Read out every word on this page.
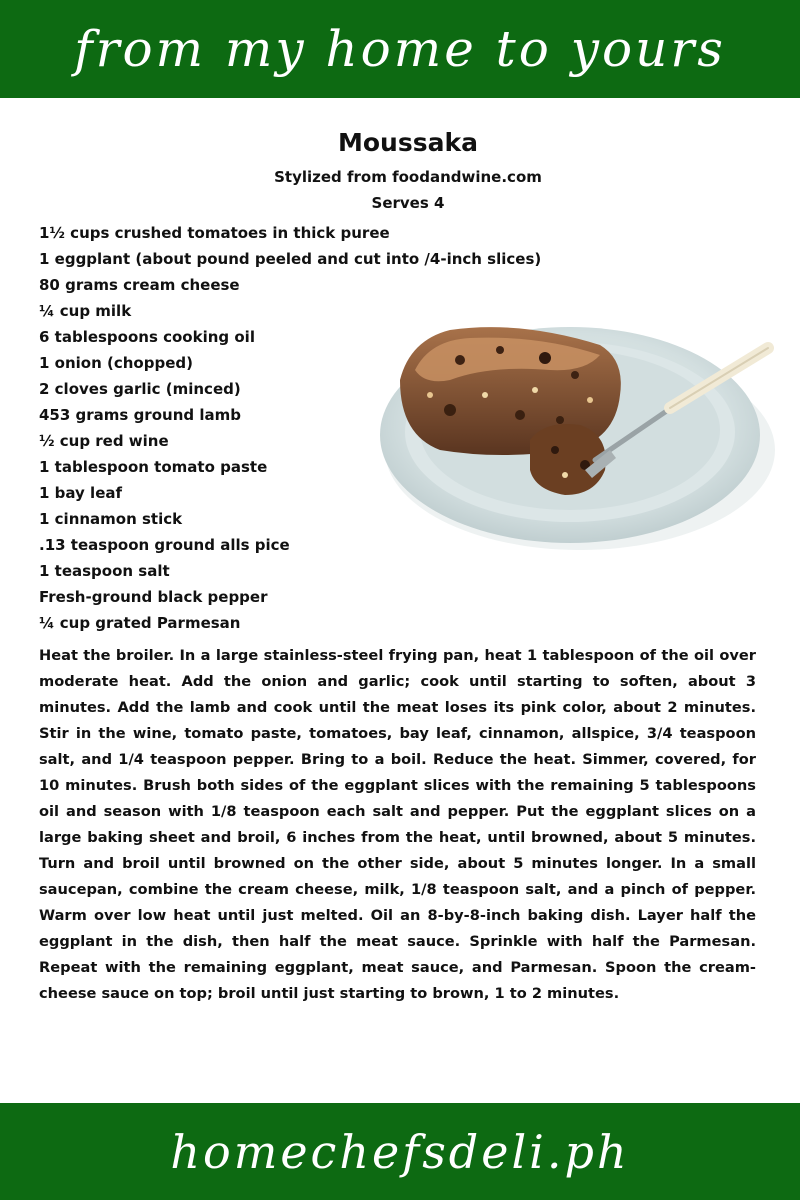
from my home to yours
Moussaka
Stylized from foodandwine.com
Serves 4
1½ cups crushed tomatoes in thick puree
1 eggplant (about pound peeled and cut into /4-inch slices)
80 grams cream cheese
¼ cup milk
6 tablespoons cooking oil
1 onion (chopped)
2 cloves garlic (minced)
453 grams ground lamb
½ cup red wine
1 tablespoon tomato paste
1 bay leaf
1 cinnamon stick
.13 teaspoon ground alls pice
1 teaspoon salt
Fresh-ground black pepper
¼ cup grated Parmesan

Heat the broiler. In a large stainless-steel frying pan, heat 1 tablespoon of the oil over moderate heat. Add the onion and garlic; cook until starting to soften, about 3 minutes. Add the lamb and cook until the meat loses its pink color, about 2 minutes. Stir in the wine, tomato paste, tomatoes, bay leaf, cinnamon, allspice, 3/4 teaspoon salt, and 1/4 teaspoon pepper. Bring to a boil. Reduce the heat. Simmer, covered, for 10 minutes. Brush both sides of the eggplant slices with the remaining 5 tablespoons oil and season with 1/8 teaspoon each salt and pepper. Put the eggplant slices on a large baking sheet and broil, 6 inches from the heat, until browned, about 5 minutes. Turn and broil until browned on the other side, about 5 minutes longer. In a small saucepan, combine the cream cheese, milk, 1/8 teaspoon salt, and a pinch of pepper. Warm over low heat until just melted. Oil an 8-by-8-inch baking dish. Layer half the eggplant in the dish, then half the meat sauce. Sprinkle with half the Parmesan. Repeat with the remaining eggplant, meat sauce, and Parmesan. Spoon the cream-cheese sauce on top; broil until just starting to brown, 1 to 2 minutes.

homechefsdeli.ph
